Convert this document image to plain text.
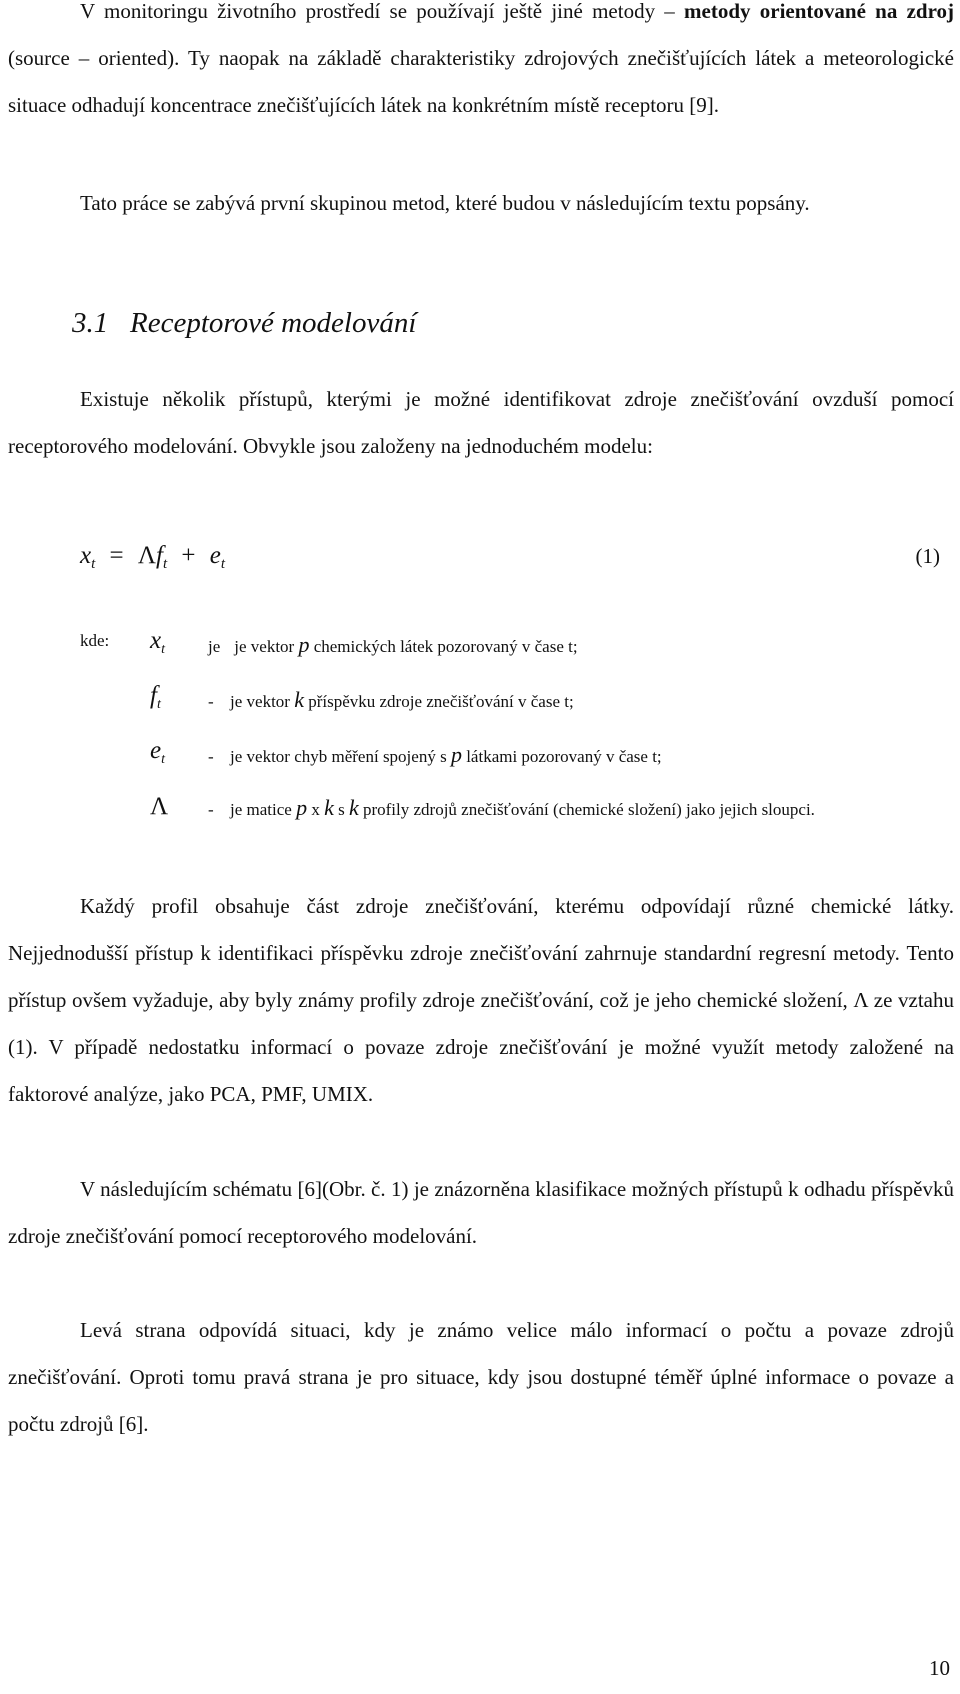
V monitoringu životního prostředí se používají ještě jiné metody – metody orientované na zdroj (source – oriented). Ty naopak na základě charakteristiky zdrojových znečišťujících látek a meteorologické situace odhadují koncentrace znečišťujících látek na konkrétním místě receptoru [9].

Tato práce se zabývá první skupinou metod, které budou v následujícím textu popsány.

3.1 Receptorové modelování

Existuje několik přístupů, kterými je možné identifikovat zdroje znečišťování ovzduší pomocí receptorového modelování. Obvykle jsou založeny na jednoduchém modelu:

$x_t = \Lambda f_t + e_t$	(1)
kde: $x_t$	je je vektor p chemických látek pozorovaný v čase t;
$f_t$	- je vektor k příspěvku zdroje znečišťování v čase t;
$e_t$	- je vektor chyb měření spojený s p látkami pozorovaný v čase t;
Λ - je matice p x k s k profily zdrojů znečišťování (chemické složení) jako jejich sloupci.

Každý profil obsahuje část zdroje znečišťování, kterému odpovídají různé chemické látky. Nejjednodušší přístup k identifikaci příspěvku zdroje znečišťování zahrnuje standardní regresní metody. Tento přístup ovšem vyžaduje, aby byly známy profily zdroje znečišťování, což je jeho chemické složení, Λ ze vztahu (1). V případě nedostatku informací o povaze zdroje znečišťování je možné využít metody založené na faktorové analýze, jako PCA, PMF, UMIX.

V následujícím schématu [6](Obr. č. 1) je znázorněna klasifikace možných přístupů k odhadu příspěvků zdroje znečišťování pomocí receptorového modelování.

Levá strana odpovídá situaci, kdy je známo velice málo informací o počtu a povaze zdrojů znečišťování. Oproti tomu pravá strana je pro situace, kdy jsou dostupné téměř úplné informace o povaze a počtu zdrojů [6].

10
